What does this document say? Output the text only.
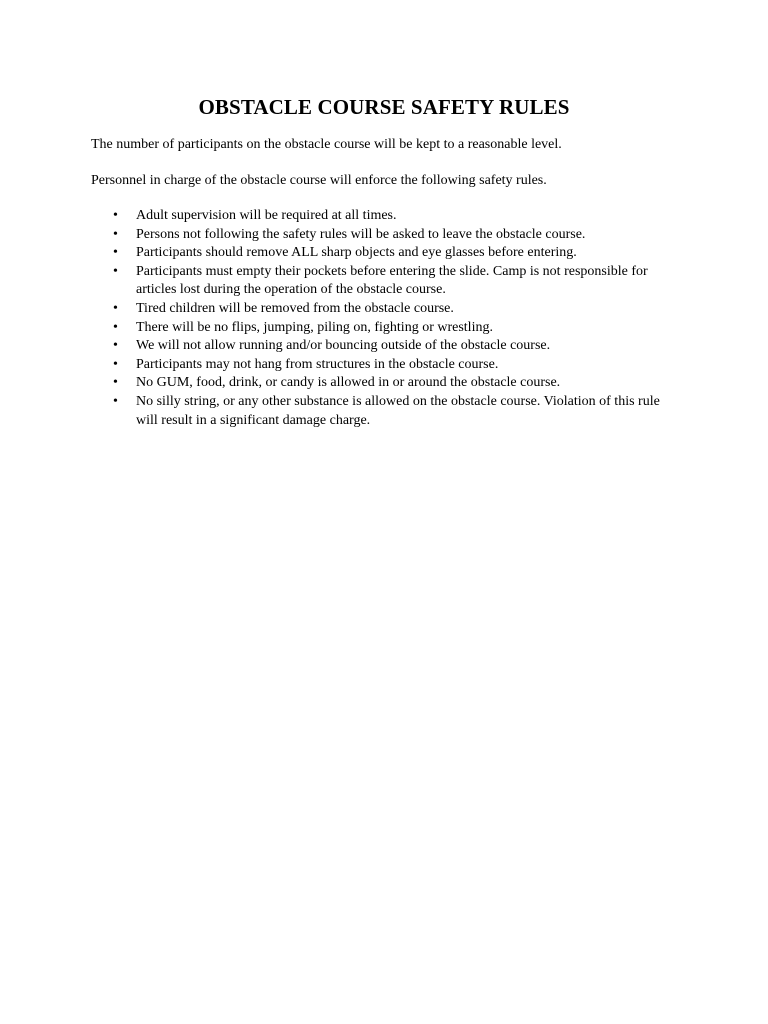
OBSTACLE COURSE SAFETY RULES

The number of participants on the obstacle course will be kept to a reasonable level.

Personnel in charge of the obstacle course will enforce the following safety rules.

• Adult supervision will be required at all times.
• Persons not following the safety rules will be asked to leave the obstacle course.
• Participants should remove ALL sharp objects and eye glasses before entering.
• Participants must empty their pockets before entering the slide. Camp is not responsible for articles lost during the operation of the obstacle course.
• Tired children will be removed from the obstacle course.
• There will be no flips, jumping, piling on, fighting or wrestling.
• We will not allow running and/or bouncing outside of the obstacle course.
• Participants may not hang from structures in the obstacle course.
• No GUM, food, drink, or candy is allowed in or around the obstacle course.
• No silly string, or any other substance is allowed on the obstacle course. Violation of this rule will result in a significant damage charge.
